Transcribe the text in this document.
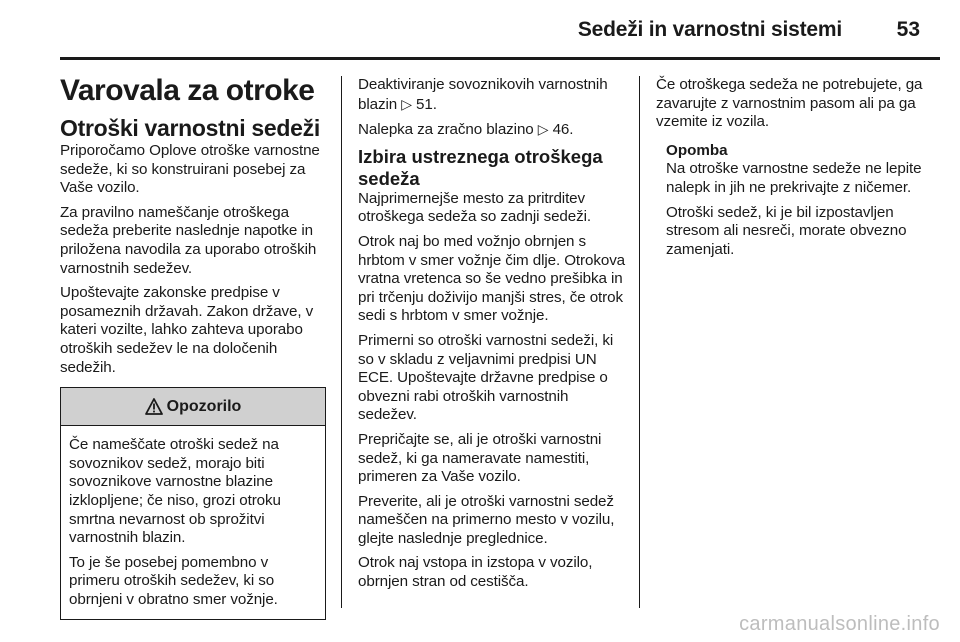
Sedeži in varnostni sistemi	53
Varovala za otroke
Otroški varnostni sedeži

Priporočamo Oplove otroške varnostne sedeže, ki so konstruirani posebej za Vaše vozilo.

Za pravilno nameščanje otroškega sedeža preberite naslednje napotke in priložena navodila za uporabo otroških varnostnih sedežev.

Upoštevajte zakonske predpise v posameznih državah. Zakon države, v kateri vozilte, lahko zahteva uporabo otroških sedežev le na določenih sedežih.

Opozorilo

Če nameščate otroški sedež na sovoznikov sedež, morajo biti sovoznikove varnostne blazine izklopljene; če niso, grozi otroku smrtna nevarnost ob sprožitvi varnostnih blazin.

To je še posebej pomembno v primeru otroških sedežev, ki so obrnjeni v obratno smer vožnje.

Deaktiviranje sovoznikovih varnostnih blazin ▷ 51.

Nalepka za zračno blazino ▷ 46.

Izbira ustreznega otroškega sedeža

Najprimernejše mesto za pritrditev otroškega sedeža so zadnji sedeži.

Otrok naj bo med vožnjo obrnjen s hrbtom v smer vožnje čim dlje. Otrokova vratna vretenca so še vedno prešibka in pri trčenju doživijo manjši stres, če otrok sedi s hrbtom v smer vožnje.

Primerni so otroški varnostni sedeži, ki so v skladu z veljavnimi predpisi UN ECE. Upoštevajte državne predpise o obvezni rabi otroških varnostnih sedežev.

Prepričajte se, ali je otroški varnostni sedež, ki ga nameravate namestiti, primeren za Vaše vozilo.

Preverite, ali je otroški varnostni sedež nameščen na primerno mesto v vozilu, glejte naslednje preglednice.

Otrok naj vstopa in izstopa v vozilo, obrnjen stran od cestišča.

Če otroškega sedeža ne potrebujete, ga zavarujte z varnostnim pasom ali pa ga vzemite iz vozila.

Opomba

Na otroške varnostne sedeže ne lepite nalepk in jih ne prekrivajte z ničemer.

Otroški sedež, ki je bil izpostavljen stresom ali nesreči, morate obvezno zamenjati.

carmanualsonline.info
